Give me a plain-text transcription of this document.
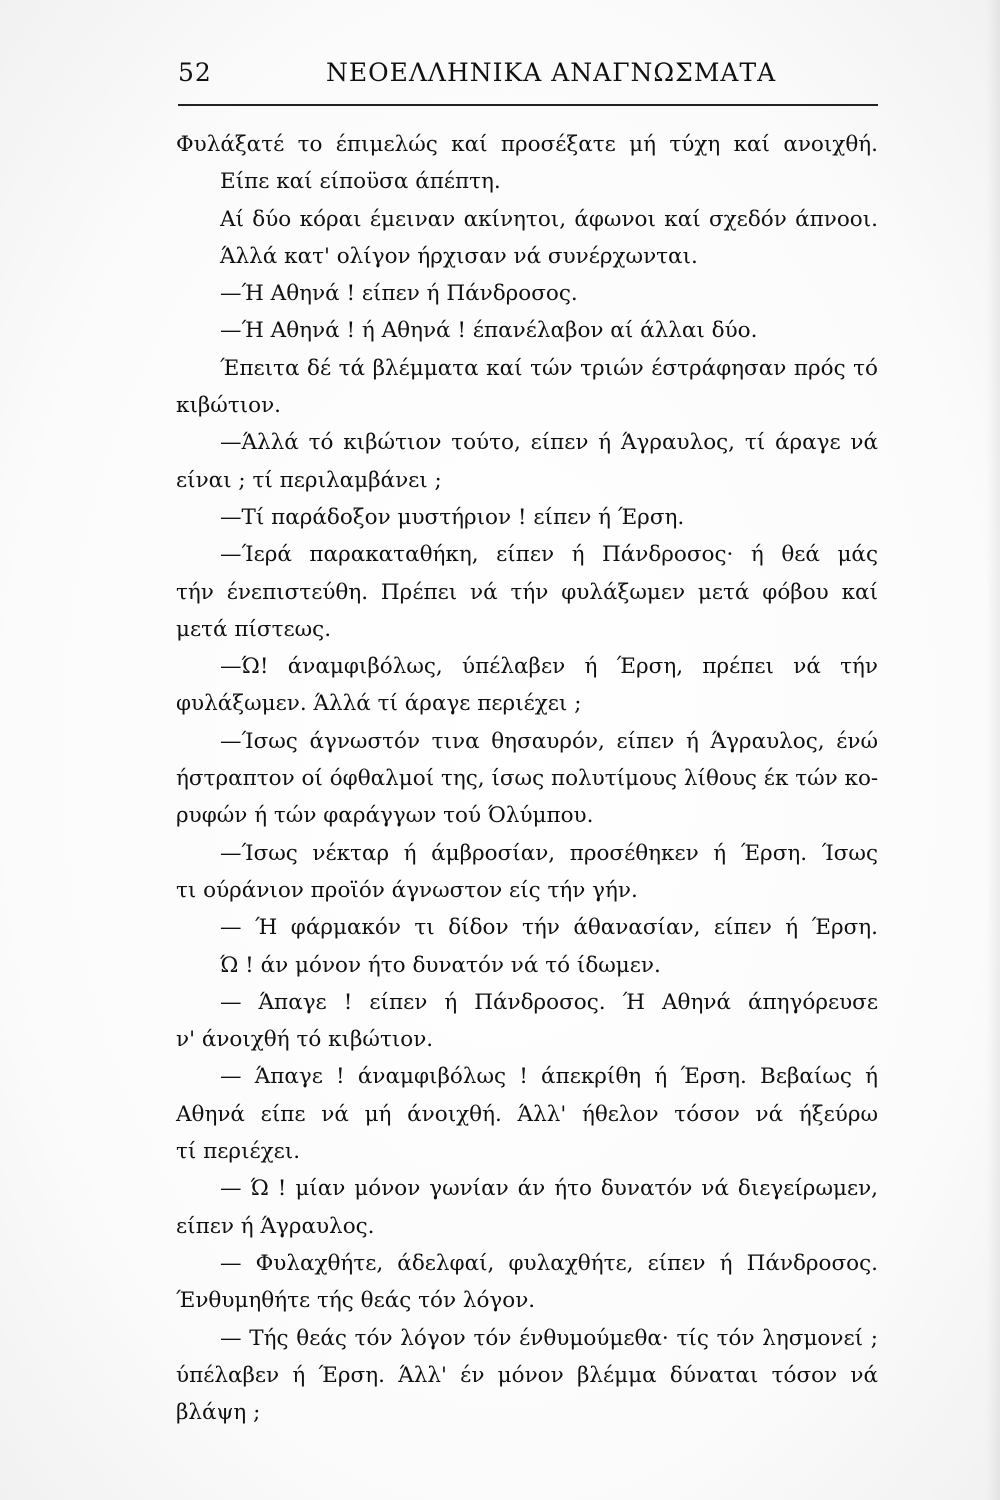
52	ΝΕΟΕΛΛΗΝΙΚΑ ΑΝΑΓΝΩΣΜΑΤΑ
Φυλάξατέ το έπιμελώς καί προσέξατε μή τύχη καί ανοιχθή.
Είπε καί είποϋσα άπέπτη.
Αί δύο κόραι έμειναν ακίνητοι, άφωνοι καί σχεδόν άπνοοι.
Άλλά κατ' ολίγον ήρχισαν νά συνέρχωνται.
—Ή Αθηνά ! είπεν ή Πάνδροσος.
—Ή Αθηνά ! ή Αθηνά ! έπανέλαβον αί άλλαι δύο.
Έπειτα δέ τά βλέμματα καί τών τριών έστράφησαν πρός τό
κιβώτιον.
—Άλλά τό κιβώτιον τούτο, είπεν ή Άγραυλος, τί άραγε νά
είναι ; τί περιλαμβάνει ;
—Τί παράδοξον μυστήριον ! είπεν ή Έρση.
—Ίερά παρακαταθήκη, είπεν ή Πάνδροσος· ή θεά μάς
τήν ένεπιστεύθη. Πρέπει νά τήν φυλάξωμεν μετά φόβου καί
μετά πίστεως.
—Ώ! άναμφιβόλως, ύπέλαβεν ή Έρση, πρέπει νά τήν
φυλάξωμεν. Άλλά τί άραγε περιέχει ;
—Ίσως άγνωστόν τινα θησαυρόν, είπεν ή Άγραυλος, ένώ
ήστραπτον οί όφθαλμοί της, ίσως πολυτίμους λίθους έκ τών κο-
ρυφών ή τών φαράγγων τού Όλύμπου.
—Ίσως νέκταρ ή άμβροσίαν, προσέθηκεν ή Έρση. Ίσως
τι ούράνιον προϊόν άγνωστον είς τήν γήν.
— Ή φάρμακόν τι δίδον τήν άθανασίαν, είπεν ή Έρση.
Ώ ! άν μόνον ήτο δυνατόν νά τό ίδωμεν.
— Άπαγε ! είπεν ή Πάνδροσος. Ή Αθηνά άπηγόρευσε
ν' άνοιχθή τό κιβώτιον.
— Άπαγε ! άναμφιβόλως ! άπεκρίθη ή Έρση. Βεβαίως ή
Αθηνά είπε νά μή άνοιχθή. Άλλ' ήθελον τόσον νά ήξεύρω
τί περιέχει.
— Ώ ! μίαν μόνον γωνίαν άν ήτο δυνατόν νά διεγείρωμεν,
είπεν ή Άγραυλος.
— Φυλαχθήτε, άδελφαί, φυλαχθήτε, είπεν ή Πάνδροσος.
Ένθυμηθήτε τής θεάς τόν λόγον.
— Τής θεάς τόν λόγον τόν ένθυμούμεθα· τίς τόν λησμονεί ;
ύπέλαβεν ή Έρση. Άλλ' έν μόνον βλέμμα δύναται τόσον νά
βλάψη ;
